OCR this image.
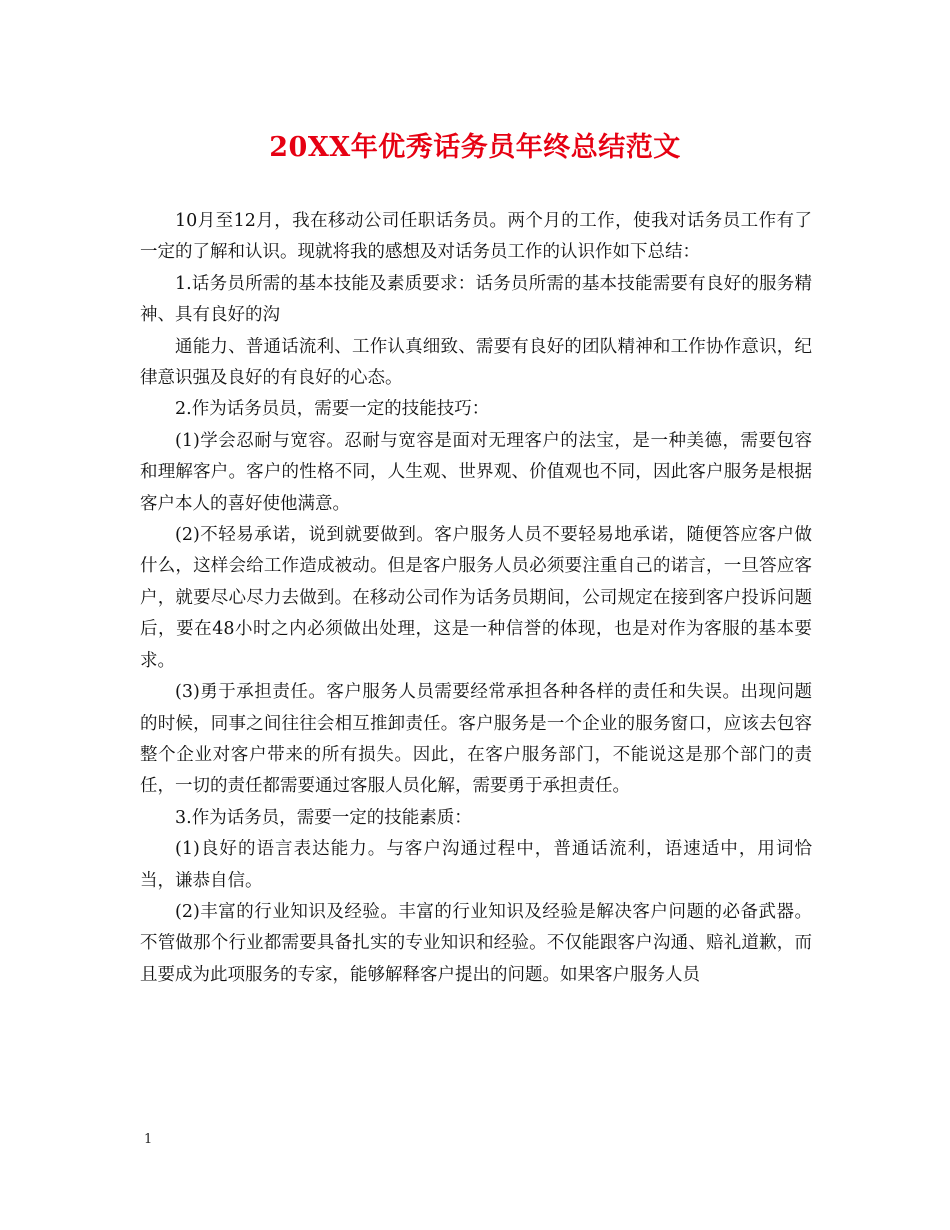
20XX年优秀话务员年终总结范文

10月至12月，我在移动公司任职话务员。两个月的工作，使我对话务员工作有了一定的了解和认识。现就将我的感想及对话务员工作的认识作如下总结：

1.话务员所需的基本技能及素质要求：话务员所需的基本技能需要有良好的服务精神、具有良好的沟

通能力、普通话流利、工作认真细致、需要有良好的团队精神和工作协作意识，纪律意识强及良好的有良好的心态。

2.作为话务员员，需要一定的技能技巧：

(1)学会忍耐与宽容。忍耐与宽容是面对无理客户的法宝，是一种美德，需要包容和理解客户。客户的性格不同，人生观、世界观、价值观也不同，因此客户服务是根据客户本人的喜好使他满意。

(2)不轻易承诺，说到就要做到。客户服务人员不要轻易地承诺，随便答应客户做什么，这样会给工作造成被动。但是客户服务人员必须要注重自己的诺言，一旦答应客户，就要尽心尽力去做到。在移动公司作为话务员期间，公司规定在接到客户投诉问题后，要在48小时之内必须做出处理，这是一种信誉的体现，也是对作为客服的基本要求。

(3)勇于承担责任。客户服务人员需要经常承担各种各样的责任和失误。出现问题的时候，同事之间往往会相互推卸责任。客户服务是一个企业的服务窗口，应该去包容整个企业对客户带来的所有损失。因此，在客户服务部门，不能说这是那个部门的责任，一切的责任都需要通过客服人员化解，需要勇于承担责任。

3.作为话务员，需要一定的技能素质：

(1)良好的语言表达能力。与客户沟通过程中，普通话流利，语速适中，用词恰当，谦恭自信。

(2)丰富的行业知识及经验。丰富的行业知识及经验是解决客户问题的必备武器。不管做那个行业都需要具备扎实的专业知识和经验。不仅能跟客户沟通、赔礼道歉，而且要成为此项服务的专家，能够解释客户提出的问题。如果客户服务人员

1
